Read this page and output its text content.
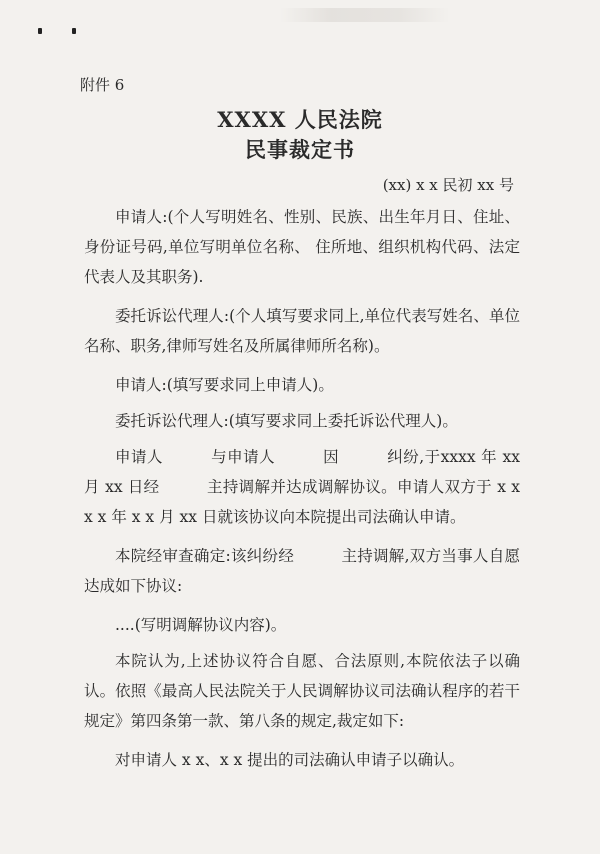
附件 6
XXXX 人民法院
民事裁定书
(xx) x x 民初 xx 号

申请人:(个人写明姓名、性别、民族、出生年月日、住址、身份证号码,单位写明单位名称、 住所地、组织机构代码、法定代表人及其职务).

委托诉讼代理人:(个人填写要求同上,单位代表写姓名、单位名称、职务,律师写姓名及所属律师所名称)。

申请人:(填写要求同上申请人)。

委托诉讼代理人:(填写要求同上委托诉讼代理人)。

申请人　　　与申请人　　　因　　　纠纷,于xxxx 年 xx 月 xx 日经　　　主持调解并达成调解协议。申请人双方于 x x x x 年 x x 月 xx 日就该协议向本院提出司法确认申请。

本院经审查确定:该纠纷经　　　主持调解,双方当事人自愿达成如下协议:

....(写明调解协议内容)。

本院认为,上述协议符合自愿、合法原则,本院依法子以确认。依照《最高人民法院关于人民调解协议司法确认程序的若干规定》第四条第一款、第八条的规定,裁定如下:

对申请人 x x、x x 提出的司法确认申请子以确认。
